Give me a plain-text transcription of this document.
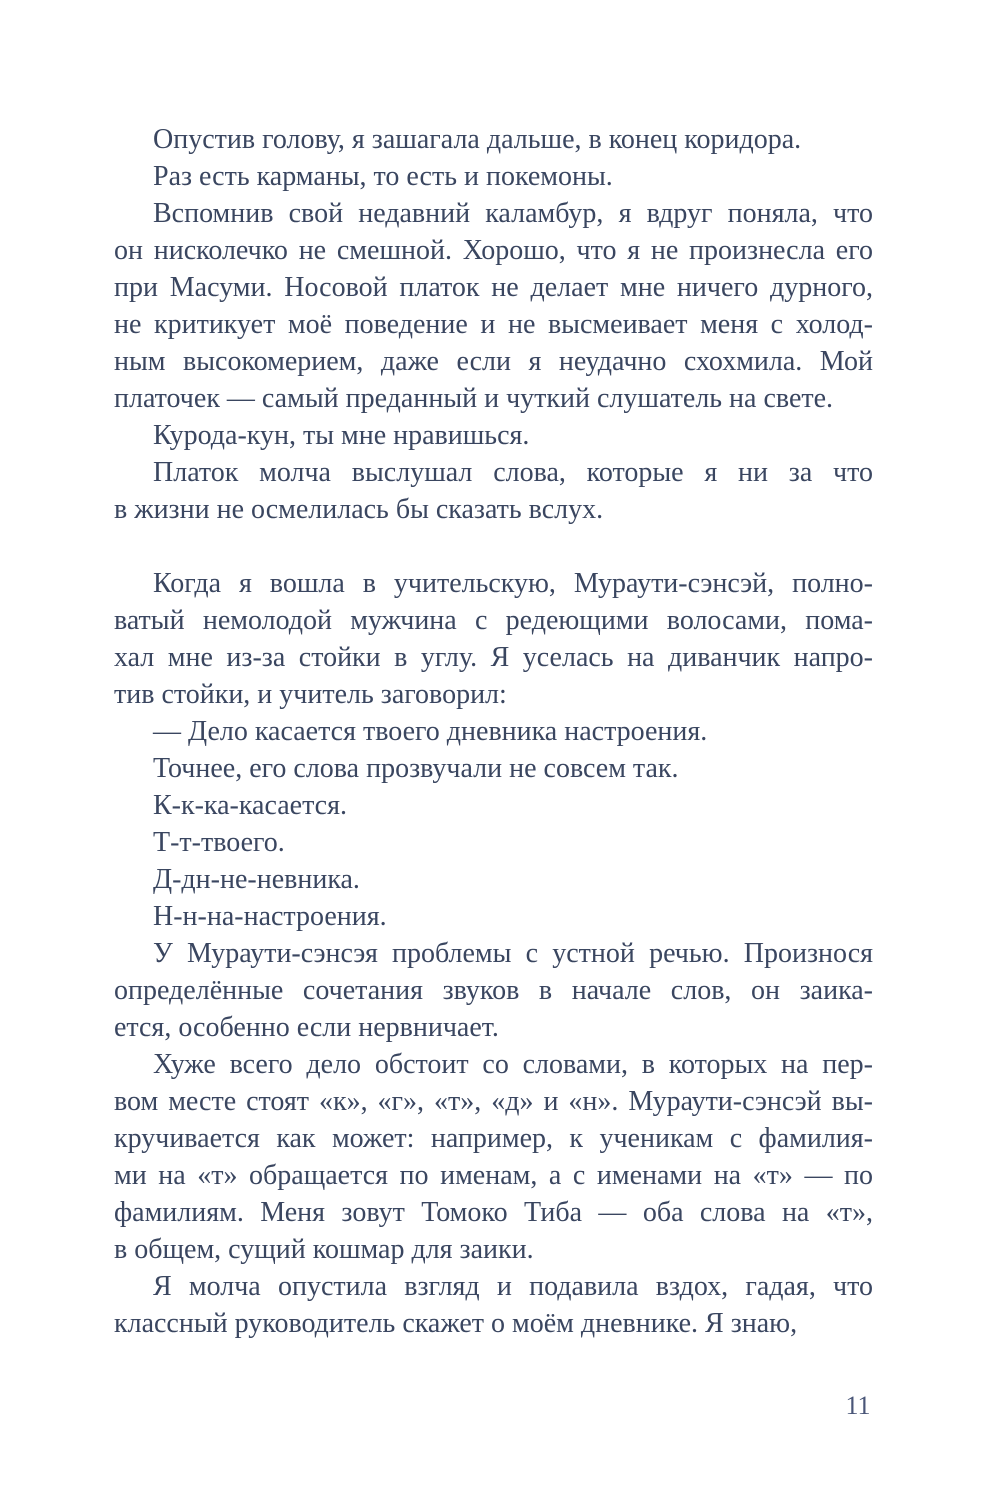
Опустив голову, я зашагала дальше, в конец коридора.
Раз есть карманы, то есть и покемоны.
Вспомнив свой недавний каламбур, я вдруг поняла, что
он нисколечко не смешной. Хорошо, что я не произнесла его
при Масуми. Носовой платок не делает мне ничего дурного,
не критикует моё поведение и не высмеивает меня с холод-
ным высокомерием, даже если я неудачно схохмила. Мой
платочек — самый преданный и чуткий слушатель на свете.
Курода-кун, ты мне нравишься.
Платок молча выслушал слова, которые я ни за что
в жизни не осмелилась бы сказать вслух.
Когда я вошла в учительскую, Мураути-сэнсэй, полно-
ватый немолодой мужчина с редеющими волосами, пома-
хал мне из-за стойки в углу. Я уселась на диванчик напро-
тив стойки, и учитель заговорил:
— Дело касается твоего дневника настроения.
Точнее, его слова прозвучали не совсем так.
К-к-ка-касается.
Т-т-твоего.
Д-дн-не-невника.
Н-н-на-настроения.
У Мураути-сэнсэя проблемы с устной речью. Произнося
определённые сочетания звуков в начале слов, он заика-
ется, особенно если нервничает.
Хуже всего дело обстоит со словами, в которых на пер-
вом месте стоят «к», «г», «т», «д» и «н». Мураути-сэнсэй вы-
кручивается как может: например, к ученикам с фамилия-
ми на «т» обращается по именам, а с именами на «т» — по
фамилиям. Меня зовут Томоко Тиба — оба слова на «т»,
в общем, сущий кошмар для заики.
Я молча опустила взгляд и подавила вздох, гадая, что
классный руководитель скажет о моём дневнике. Я знаю,
11
